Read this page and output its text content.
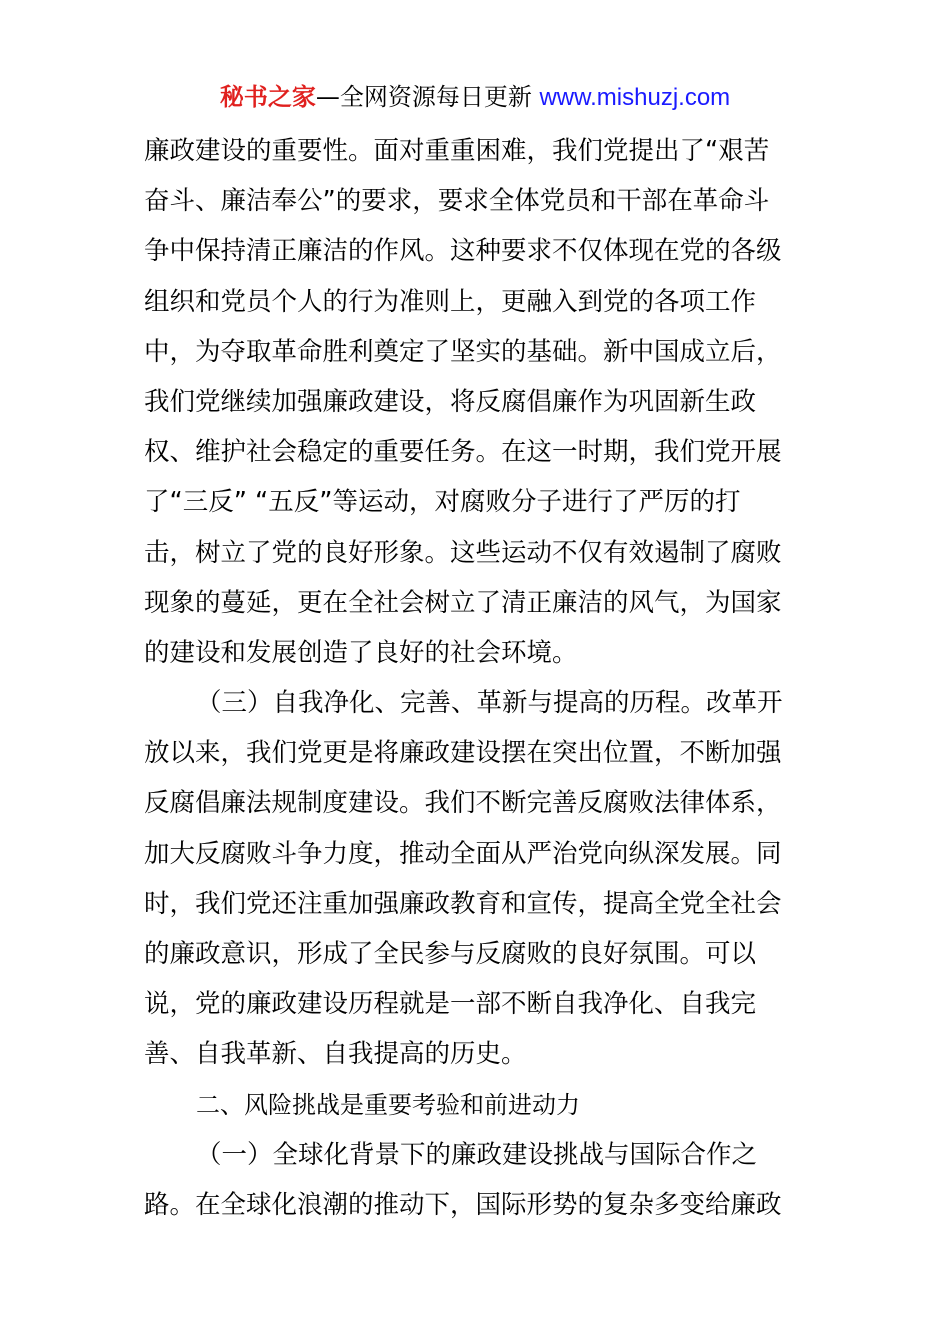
秘书之家—全网资源每日更新 www.mishuzj.com
廉政建设的重要性。面对重重困难，我们党提出了“艰苦
奋斗、廉洁奉公”的要求，要求全体党员和干部在革命斗
争中保持清正廉洁的作风。这种要求不仅体现在党的各级
组织和党员个人的行为准则上，更融入到党的各项工作
中，为夺取革命胜利奠定了坚实的基础。新中国成立后，
我们党继续加强廉政建设，将反腐倡廉作为巩固新生政
权、维护社会稳定的重要任务。在这一时期，我们党开展
了“三反” “五反”等运动，对腐败分子进行了严厉的打
击，树立了党的良好形象。这些运动不仅有效遏制了腐败
现象的蔓延，更在全社会树立了清正廉洁的风气，为国家
的建设和发展创造了良好的社会环境。
（三）自我净化、完善、革新与提高的历程。改革开
放以来，我们党更是将廉政建设摆在突出位置，不断加强
反腐倡廉法规制度建设。我们不断完善反腐败法律体系，
加大反腐败斗争力度，推动全面从严治党向纵深发展。同
时，我们党还注重加强廉政教育和宣传，提高全党全社会
的廉政意识，形成了全民参与反腐败的良好氛围。可以
说，党的廉政建设历程就是一部不断自我净化、自我完
善、自我革新、自我提高的历史。
二、风险挑战是重要考验和前进动力
（一）全球化背景下的廉政建设挑战与国际合作之
路。在全球化浪潮的推动下，国际形势的复杂多变给廉政
